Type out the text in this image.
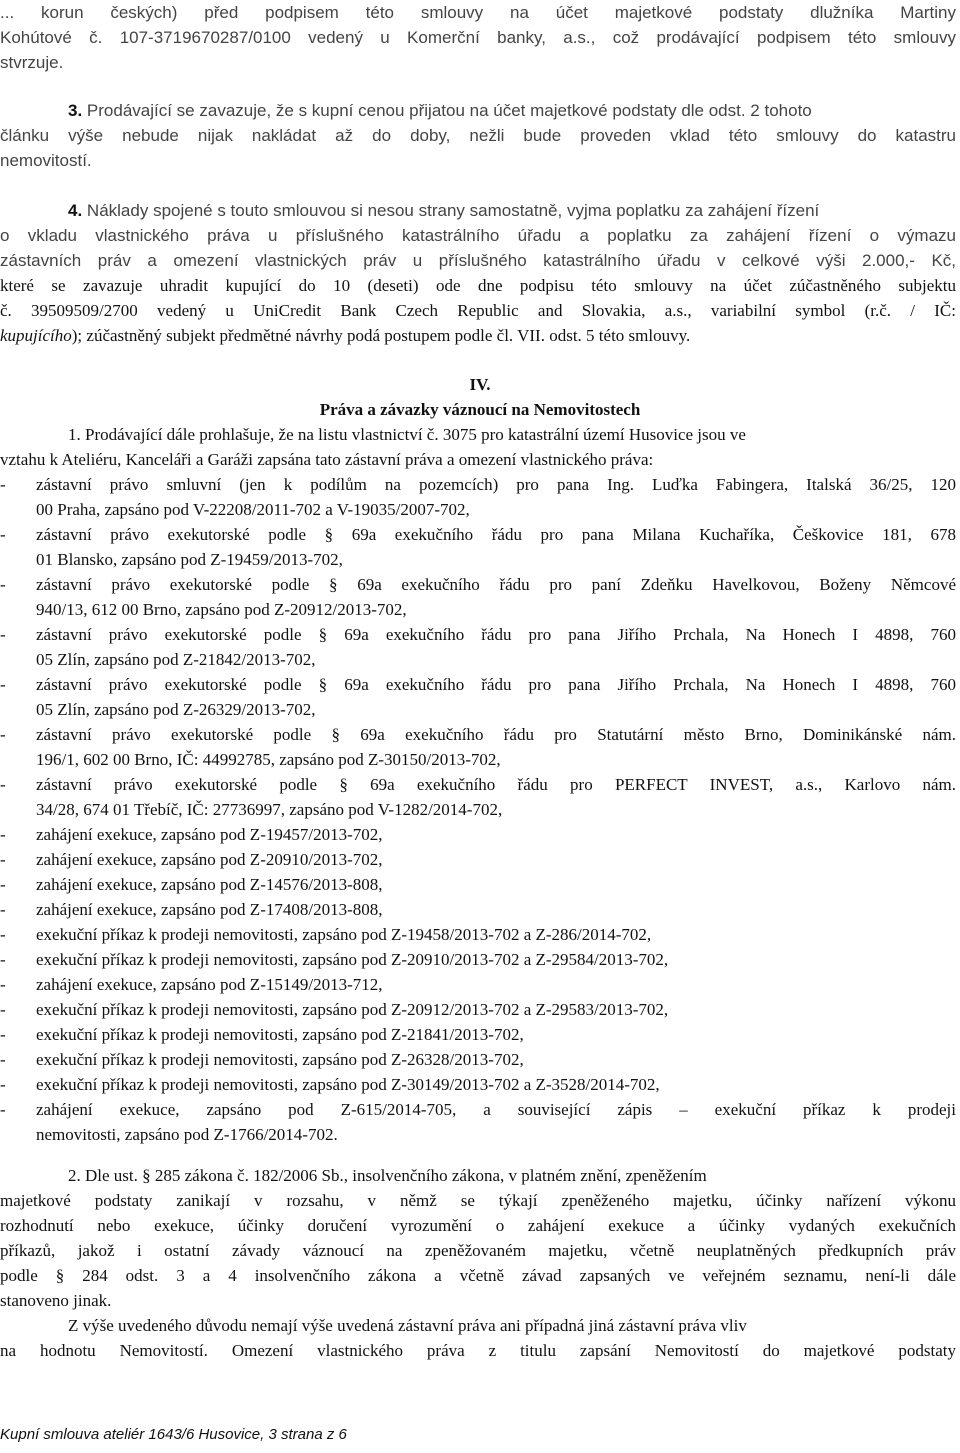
... korun českých) před podpisem této smlouvy na účet majetkové podstaty dlužníka Martiny
Kohútové č. 107-3719670287/0100 vedený u Komerční banky, a.s., což prodávající podpisem této smlouvy
stvrzuje.
3. Prodávající se zavazuje, že s kupní cenou přijatou na účet majetkové podstaty dle odst. 2 tohoto
článku výše nebude nijak nakládat až do doby, nežli bude proveden vklad této smlouvy do katastru
nemovitostí.
4. Náklady spojené s touto smlouvou si nesou strany samostatně, vyjma poplatku za zahájení řízení
o vkladu vlastnického práva u příslušného katastrálního úřadu a poplatku za zahájení řízení o výmazu
zástavních práv a omezení vlastnických práv u příslušného katastrálního úřadu v celkové výši 2.000,- Kč,
které se zavazuje uhradit kupující do 10 (deseti) ode dne podpisu této smlouvy na účet zúčastněného subjektu
č. 39509509/2700 vedený u UniCredit Bank Czech Republic and Slovakia, a.s., variabilní symbol (r.č. / IČ:
kupujícího); zúčastněný subjekt předmětné návrhy podá postupem podle čl. VII. odst. 5 této smlouvy.
IV.
Práva a závazky váznoucí na Nemovitostech
1. Prodávající dále prohlašuje, že na listu vlastnictví č. 3075 pro katastrální území Husovice jsou ve
vztahu k Ateliéru, Kanceláři a Garáži zapsána tato zástavní práva a omezení vlastnického práva:
zástavní právo smluvní (jen k podílům na pozemcích) pro pana Ing. Luďka Fabingera, Italská 36/25, 120
-
00 Praha, zapsáno pod V-22208/2011-702 a V-19035/2007-702,
zástavní právo exekutorské podle § 69a exekučního řádu pro pana Milana Kuchaříka, Češkovice 181, 678
-
01 Blansko, zapsáno pod Z-19459/2013-702,
zástavní právo exekutorské podle § 69a exekučního řádu pro paní Zdeňku Havelkovou, Boženy Němcové
-
940/13, 612 00 Brno, zapsáno pod Z-20912/2013-702,
zástavní právo exekutorské podle § 69a exekučního řádu pro pana Jiřího Prchala, Na Honech I 4898, 760
-
05 Zlín, zapsáno pod Z-21842/2013-702,
zástavní právo exekutorské podle § 69a exekučního řádu pro pana Jiřího Prchala, Na Honech I 4898, 760
-
05 Zlín, zapsáno pod Z-26329/2013-702,
zástavní právo exekutorské podle § 69a exekučního řádu pro Statutární město Brno, Dominikánské nám.
-
196/1, 602 00 Brno, IČ: 44992785, zapsáno pod Z-30150/2013-702,
zástavní právo exekutorské podle § 69a exekučního řádu pro PERFECT INVEST, a.s., Karlovo nám.
-
34/28, 674 01 Třebíč, IČ: 27736997, zapsáno pod V-1282/2014-702,
zahájení exekuce, zapsáno pod Z-19457/2013-702,
-
zahájení exekuce, zapsáno pod Z-20910/2013-702,
-
zahájení exekuce, zapsáno pod Z-14576/2013-808,
-
zahájení exekuce, zapsáno pod Z-17408/2013-808,
-
exekuční příkaz k prodeji nemovitosti, zapsáno pod Z-19458/2013-702 a Z-286/2014-702,
-
exekuční příkaz k prodeji nemovitosti, zapsáno pod Z-20910/2013-702 a Z-29584/2013-702,
-
zahájení exekuce, zapsáno pod Z-15149/2013-712,
-
exekuční příkaz k prodeji nemovitosti, zapsáno pod Z-20912/2013-702 a Z-29583/2013-702,
-
exekuční příkaz k prodeji nemovitosti, zapsáno pod Z-21841/2013-702,
-
exekuční příkaz k prodeji nemovitosti, zapsáno pod Z-26328/2013-702,
-
exekuční příkaz k prodeji nemovitosti, zapsáno pod Z-30149/2013-702 a Z-3528/2014-702,
-
zahájení exekuce, zapsáno pod Z-615/2014-705, a související zápis – exekuční příkaz k prodeji
-
nemovitosti, zapsáno pod Z-1766/2014-702.
2. Dle ust. § 285 zákona č. 182/2006 Sb., insolvenčního zákona, v platném znění, zpeněžením
majetkové podstaty zanikají v rozsahu, v němž se týkají zpeněženého majetku, účinky nařízení výkonu
rozhodnutí nebo exekuce, účinky doručení vyrozumění o zahájení exekuce a účinky vydaných exekučních
příkazů, jakož i ostatní závady váznoucí na zpeněžovaném majetku, včetně neuplatněných předkupních práv
podle § 284 odst. 3 a 4 insolvenčního zákona a včetně závad zapsaných ve veřejném seznamu, není-li dále
stanoveno jinak.
Z výše uvedeného důvodu nemají výše uvedená zástavní práva ani případná jiná zástavní práva vliv
na hodnotu Nemovitostí. Omezení vlastnického práva z titulu zapsání Nemovitostí do majetkové podstaty
Kupní smlouva ateliér 1643/6 Husovice, 3 strana z 6
